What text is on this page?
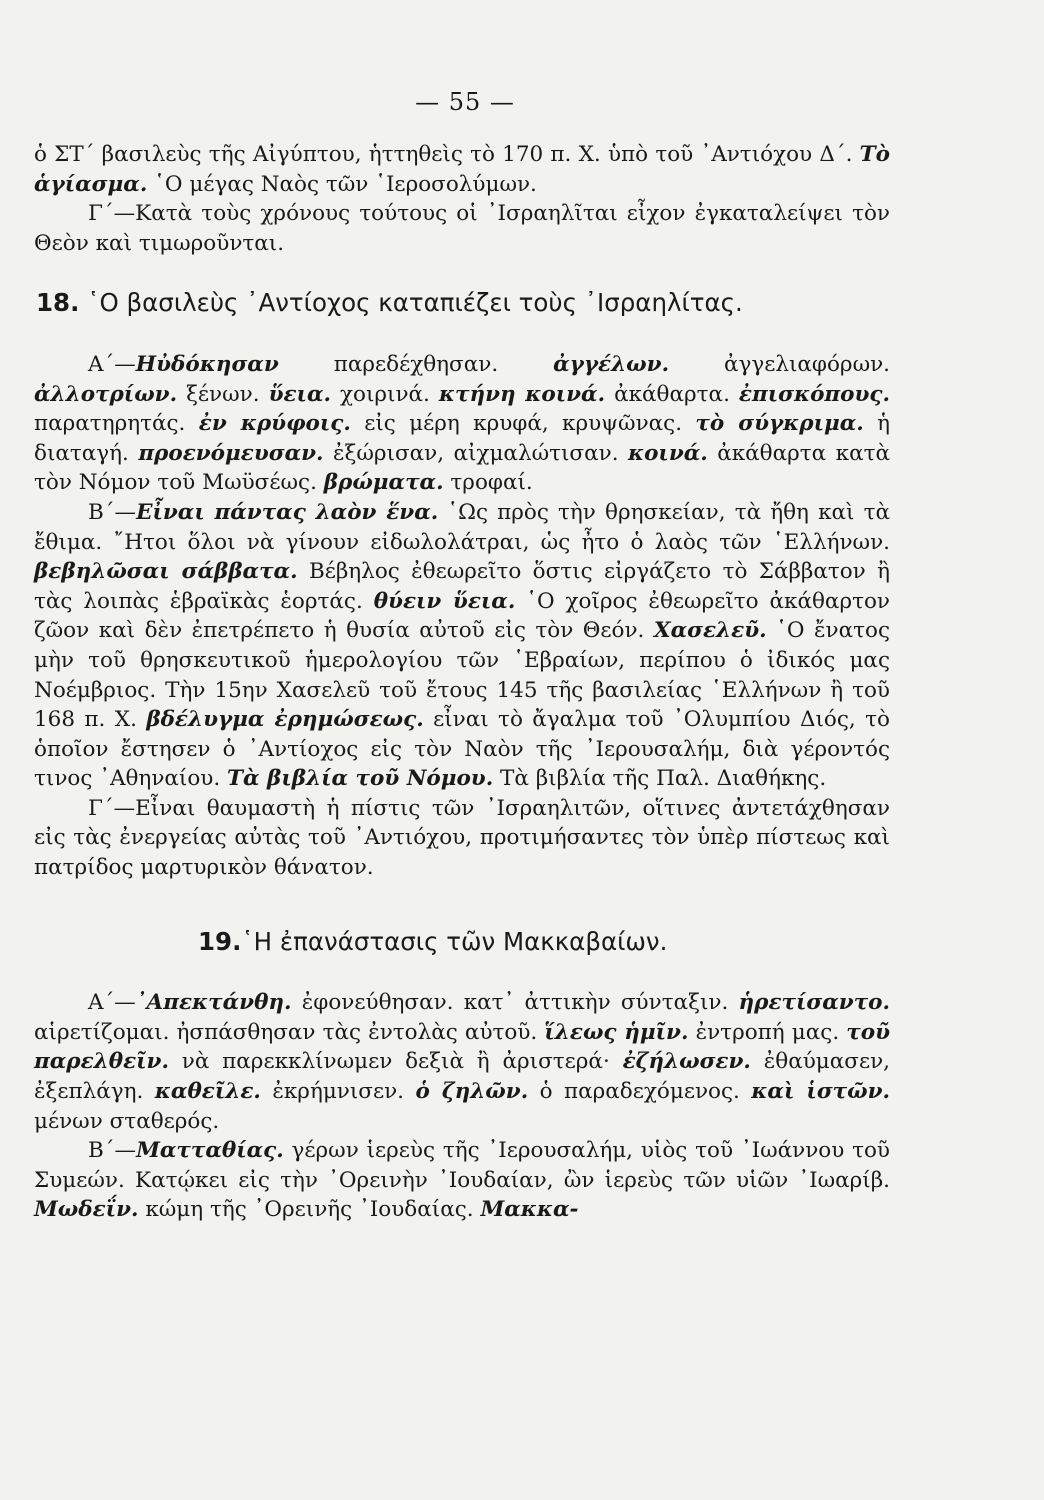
— 55 —

ὁ ΣΤ΄ βασιλεὺς τῆς Αἰγύπτου, ἡττηθεὶς τὸ 170 π. Χ. ὑπὸ τοῦ ᾿Αντιόχου Δ΄. Τὸ ἁγίασμα. ῾Ο μέγας Ναὸς τῶν ῾Ιεροσολύμων.

Γ΄—Κατὰ τοὺς χρόνους τούτους οἱ ᾿Ισραηλῖται εἶχον ἐγκαταλείψει τὸν Θεὸν καὶ τιμωροῦνται.

18. ῾Ο βασιλεὺς ᾿Αντίοχος καταπιέζει τοὺς ᾿Ισραηλίτας.

Α΄—Ηὐδόκησαν παρεδέχθησαν. ἀγγέλων. ἀγγελιαφόρων. ἀλλοτρίων. ξένων. ὕεια. χοιρινά. κτήνη κοινά. ἀκάθαρτα. ἐπισκόπους. παρατηρητάς. ἐν κρύφοις. εἰς μέρη κρυφά, κρυψῶνας. τὸ σύγκριμα. ἡ διαταγή. προενόμευσαν. ἐξώρισαν, αἰχμαλώτισαν. κοινά. ἀκάθαρτα κατὰ τὸν Νόμον τοῦ Μωϋσέως. βρώματα. τροφαί.

Β΄—Εἶναι πάντας λαὸν ἕνα. ῾Ως πρὸς τὴν θρησκείαν, τὰ ἤθη καὶ τὰ ἔθιμα. ῎Ητοι ὅλοι νὰ γίνουν εἰδωλολάτραι, ὡς ἦτο ὁ λαὸς τῶν ῾Ελλήνων. βεβηλῶσαι σάββατα. Βέβηλος ἐθεωρεῖτο ὅστις εἰργάζετο τὸ Σάββατον ἢ τὰς λοιπὰς ἑβραϊκὰς ἑορτάς. θύειν ὕεια. ῾Ο χοῖρος ἐθεωρεῖτο ἀκάθαρτον ζῶον καὶ δὲν ἐπετρέπετο ἡ θυσία αὐτοῦ εἰς τὸν Θεόν. Χασελεῦ. ῾Ο ἔνατος μὴν τοῦ θρησκευτικοῦ ἡμερολογίου τῶν ῾Εβραίων, περίπου ὁ ἰδικός μας Νοέμβριος. Τὴν 15ην Χασελεῦ τοῦ ἔτους 145 τῆς βασιλείας ῾Ελλήνων ἢ τοῦ 168 π. Χ. βδέλυγμα ἐρημώσεως. εἶναι τὸ ἄγαλμα τοῦ ᾿Ολυμπίου Διός, τὸ ὁποῖον ἔστησεν ὁ ᾿Αντίοχος εἰς τὸν Ναὸν τῆς ᾿Ιερουσαλήμ, διὰ γέροντός τινος ᾿Αθηναίου. Τὰ βιβλία τοῦ Νόμου. Τὰ βιβλία τῆς Παλ. Διαθήκης.

Γ΄—Εἶναι θαυμαστὴ ἡ πίστις τῶν ᾿Ισραηλιτῶν, οἵτινες ἀντετάχθησαν εἰς τὰς ἐνεργείας αὐτὰς τοῦ ᾿Αντιόχου, προτιμήσαντες τὸν ὑπὲρ πίστεως καὶ πατρίδος μαρτυρικὸν θάνατον.

19.῾Η ἐπανάστασις τῶν Μακκαβαίων.

Α΄—᾿Απεκτάνθη. ἐφονεύθησαν. κατ᾿ ἀττικὴν σύνταξιν. ἡρετίσαντο. αἱρετίζομαι. ἠσπάσθησαν τὰς ἐντολὰς αὐτοῦ. ἵλεως ἡμῖν. ἐντροπή μας. τοῦ παρελθεῖν. νὰ παρεκκλίνωμεν δεξιὰ ἢ ἀριστερά· ἐζήλωσεν. ἐθαύμασεν, ἐξεπλάγη. καθεῖλε. ἐκρήμνισεν. ὁ ζηλῶν. ὁ παραδεχόμενος. καὶ ἱστῶν. μένων σταθερός.

Β΄—Ματταθίας. γέρων ἱερεὺς τῆς ᾿Ιερουσαλήμ, υἱὸς τοῦ ᾿Ιωάννου τοῦ Συμεών. Κατῴκει εἰς τὴν ᾿Ορεινὴν ᾿Ιουδαίαν, ὢν ἱερεὺς τῶν υἱῶν ᾿Ιωαρίβ. Μωδεΐν. κώμη τῆς ᾿Ορεινῆς ᾿Ιουδαίας. Μακκα-
